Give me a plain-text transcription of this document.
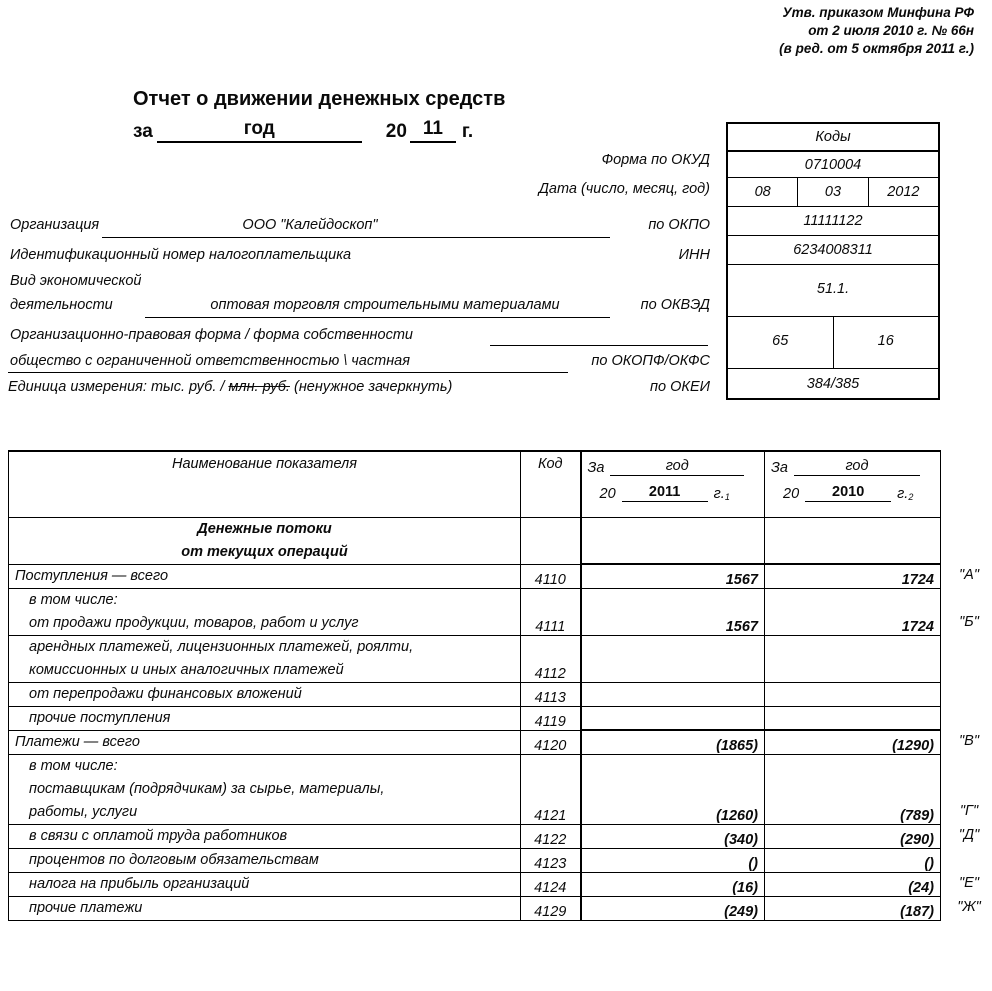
Утв. приказом Минфина РФ
от 2 июля 2010 г. № 66н
(в ред. от 5 октября 2011 г.)
Отчет о движении денежных средств
за	год	20 11 г.
Форма по ОКУД
Дата (число, месяц, год)
Организация	ООО "Калейдоскоп"	по ОКПО
Идентификационный номер налогоплательщика	ИНН
Вид экономической
деятельности	оптовая торговля строительными материалами	по ОКВЭД
Организационно-правовая форма / форма собственности
общество с ограниченной ответственностью \ частная	по ОКОПФ/ОКФС
Единица измерения: тыс. руб. / млн. руб. (ненужное зачеркнуть)	по ОКЕИ
Коды
0710004
08	03	2012
11111122
6234008311
51.1.
65	16
384/385
Наименование показателя	Код	За	год
20	2011	$г._1$

За	год
20	2010	$г._2$

Денежные потоки
от текущих операций			

Поступления — всего	4110	1567	1724

в том числе:
от продажи продукции, товаров, работ и услуг	4111	1567	1724

арендных платежей, лицензионных платежей, роялти,
комиссионных и иных аналогичных платежей	4112		

от перепродажи финансовых вложений	4113		

прочие поступления	4119		

Платежи — всего	4120	(1865)	(1290)

в том числе:
поставщикам (подрядчикам) за сырье, материалы,
работы, услуги	4121	(1260)	(789)

в связи с оплатой труда работников	4122	(340)	(290)

процентов по долговым обязательствам	4123	()	()

налога на прибыль организаций	4124	(16)	(24)

прочие платежи	4129	(249)	(187)
"А"
"Б"
"В"
"Г"
"Д"
"Е"
"Ж"
